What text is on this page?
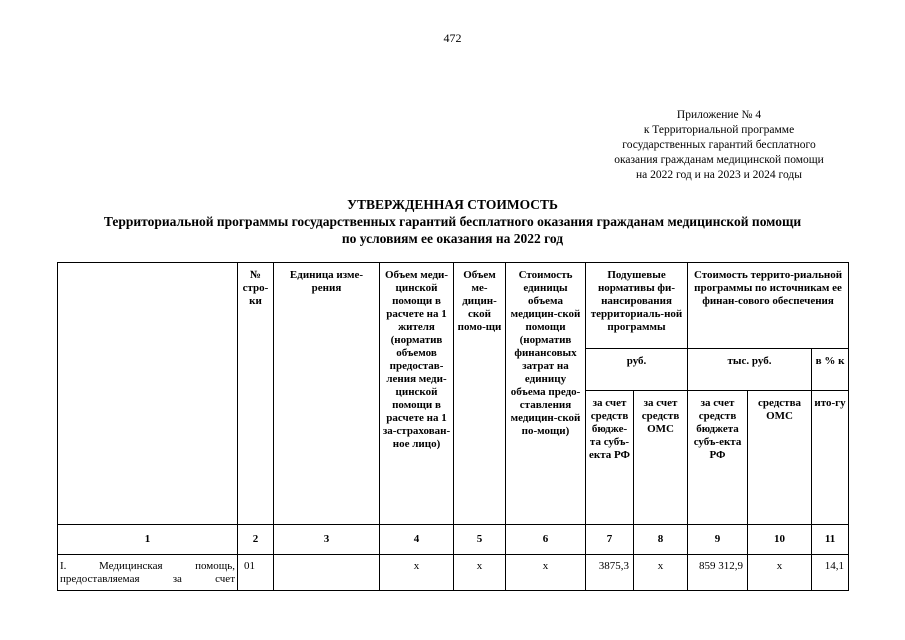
472
Приложение № 4
к Территориальной программе
государственных гарантий бесплатного
оказания гражданам медицинской помощи
на 2022 год и на 2023 и 2024 годы
УТВЕРЖДЕННАЯ СТОИМОСТЬ
Территориальной программы государственных гарантий бесплатного оказания гражданам медицинской помощи
по условиям ее оказания на 2022 год
	№ стро-ки	Единица изме-рения	Объем меди-цинской помощи в расчете на 1 жителя (норматив объемов предостав-ления меди-цинской помощи в расчете на 1 за-страхован-ное лицо)	Объем ме-дицин-ской помо-щи	Стоимость единицы объема медицин-ской помощи (норматив финансовых затрат на единицу объема предо-ставления медицин-ской по-мощи)	Подушевые нормативы фи-нансирования территориаль-ной программы		Стоимость террито-риальной программы по источникам ее финан-сового обеспечения		
						руб.		тыс. руб.		в % к
						за счет средств бюдже-та субъ-екта РФ	за счет средств ОМС	за счет средств бюджета субъ-екта РФ	средства ОМС	ито-гу
1	2	3	4	5	6	7	8	9	10	11

I. Медицинская помощь,
предоставляемая за счет	01		х	х	х	3875,3	х	859 312,9	х	14,1
